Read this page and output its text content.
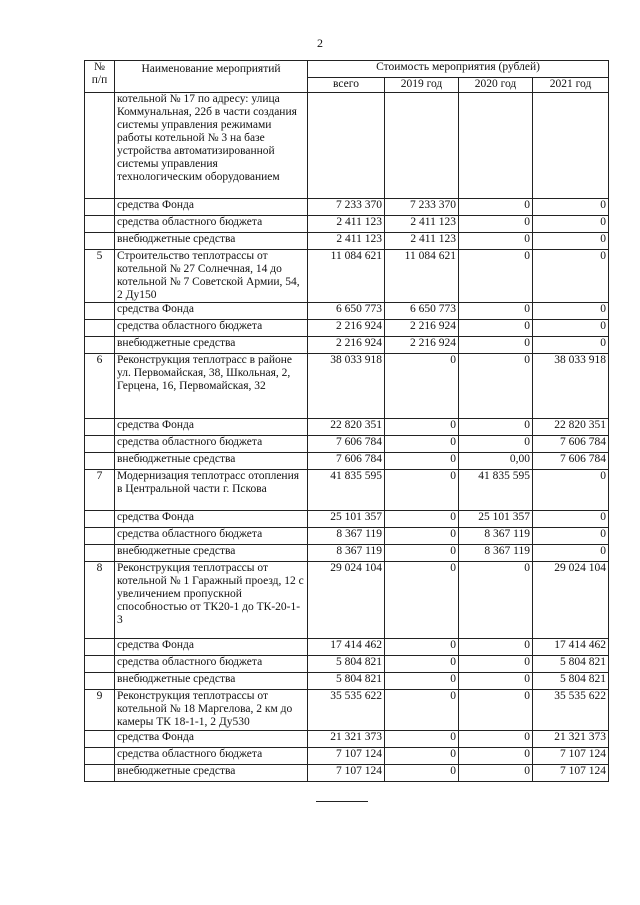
2
№
п/п	Наименование мероприятий	Стоимость мероприятия (рублей)			
		всего	2019 год	2020 год	2021 год
	котельной № 17 по адресу: улица Коммунальная, 22б в части создания системы управления режимами работы котельной № 3 на базе устройства автоматизированной системы управления технологическим оборудованием				
	средства Фонда	7 233 370	7 233 370	0	0
	средства областного бюджета	2 411 123	2 411 123	0	0
	внебюджетные средства	2 411 123	2 411 123	0	0
5	Строительство теплотрассы от котельной № 27 Солнечная, 14 до котельной № 7 Советской Армии, 54, 2 Ду150	11 084 621	11 084 621	0	0
	средства Фонда	6 650 773	6 650 773	0	0
	средства областного бюджета	2 216 924	2 216 924	0	0
	внебюджетные средства	2 216 924	2 216 924	0	0
6	Реконструкция теплотрасс в районе ул. Первомайская, 38, Школьная, 2, Герцена, 16, Первомайская, 32	38 033 918	0	0	38 033 918
	средства Фонда	22 820 351	0	0	22 820 351
	средства областного бюджета	7 606 784	0	0	7 606 784
	внебюджетные средства	7 606 784	0	0,00	7 606 784
7	Модернизация теплотрасс отопления в Центральной части г. Пскова	41 835 595	0	41 835 595	0
	средства Фонда	25 101 357	0	25 101 357	0
	средства областного бюджета	8 367 119	0	8 367 119	0
	внебюджетные средства	8 367 119	0	8 367 119	0
8	Реконструкция теплотрассы от котельной № 1 Гаражный проезд, 12 с увеличением пропускной способностью от ТК20-1 до ТК-20-1-3	29 024 104	0	0	29 024 104
	средства Фонда	17 414 462	0	0	17 414 462
	средства областного бюджета	5 804 821	0	0	5 804 821
	внебюджетные средства	5 804 821	0	0	5 804 821
9	Реконструкция теплотрассы от котельной № 18 Маргелова, 2 км до камеры ТК 18-1-1, 2 Ду530	35 535 622	0	0	35 535 622
	средства Фонда	21 321 373	0	0	21 321 373
	средства областного бюджета	7 107 124	0	0	7 107 124
	внебюджетные средства	7 107 124	0	0	7 107 124
